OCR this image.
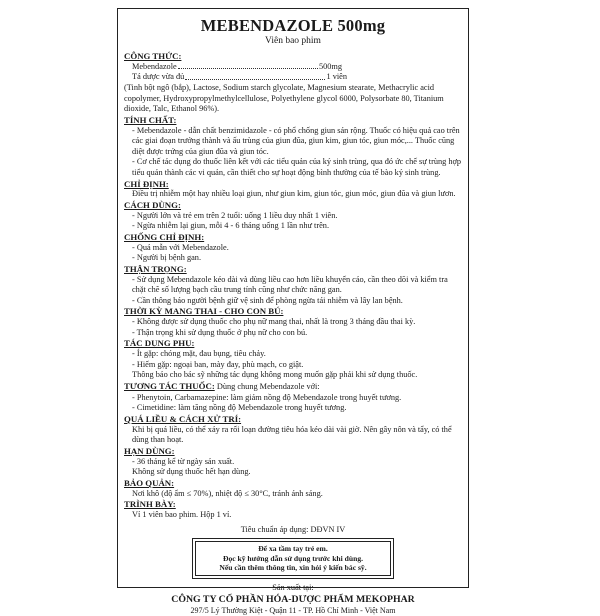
MEBENDAZOLE 500mg
Viên bao phim
CÔNG THỨC:
Mebendazole	500mg
Tá dược vừa đủ	1 viên

(Tinh bột ngô (bắp), Lactose, Sodium starch glycolate, Magnesium stearate, Methacrylic acid copolymer, Hydroxypropylmethylcellulose, Polyethylene glycol 6000, Polysorbate 80, Titanium dioxide, Talc, Ethanol 96%).

TÍNH CHẤT:

- Mebendazole - dẫn chất benzimidazole - có phổ chống giun sán rộng. Thuốc có hiệu quả cao trên các giai đoạn trưởng thành và ấu trùng của giun đũa, giun kim, giun tóc, giun móc,... Thuốc cũng diệt được trứng của giun đũa và giun tóc.

- Cơ chế tác dụng do thuốc liên kết với các tiểu quản của ký sinh trùng, qua đó ức chế sự trùng hợp tiểu quản thành các vi quản, cần thiết cho sự hoạt động bình thường của tế bào ký sinh trùng.

CHỈ ĐỊNH:

Điều trị nhiễm một hay nhiều loại giun, như giun kim, giun tóc, giun móc, giun đũa và giun lươn.

CÁCH DÙNG:

- Người lớn và trẻ em trên 2 tuổi: uống 1 liều duy nhất 1 viên.

- Ngừa nhiễm lại giun, mỗi 4 - 6 tháng uống 1 lần như trên.

CHỐNG CHỈ ĐỊNH:

- Quá mẫn với Mebendazole.

- Người bị bệnh gan.

THẬN TRỌNG:

- Sử dụng Mebendazole kéo dài và dùng liều cao hơn liều khuyến cáo, cần theo dõi và kiểm tra chặt chẽ số lượng bạch cầu trung tính cũng như chức năng gan.

- Cần thông báo người bệnh giữ vệ sinh để phòng ngừa tái nhiễm và lây lan bệnh.

THỜI KỲ MANG THAI - CHO CON BÚ:

- Không được sử dụng thuốc cho phụ nữ mang thai, nhất là trong 3 tháng đầu thai kỳ.

- Thận trọng khi sử dụng thuốc ở phụ nữ cho con bú.

TÁC DỤNG PHỤ:

- Ít gặp: chóng mặt, đau bụng, tiêu chảy.

- Hiếm gặp: ngoại ban, mày đay, phù mạch, co giật.

Thông báo cho bác sỹ những tác dụng không mong muốn gặp phải khi sử dụng thuốc.

TƯƠNG TÁC THUỐC: Dùng chung Mebendazole với:

- Phenytoin, Carbamazepine: làm giảm nồng độ Mebendazole trong huyết tương.

- Cimetidine: làm tăng nồng độ Mebendazole trong huyết tương.

QUÁ LIỀU & CÁCH XỬ TRÍ:

Khi bị quá liều, có thể xảy ra rối loạn đường tiêu hóa kéo dài vài giờ. Nên gây nôn và tẩy, có thể dùng than hoạt.

HẠN DÙNG:

- 36 tháng kể từ ngày sản xuất.

Không sử dụng thuốc hết hạn dùng.

BẢO QUẢN:

Nơi khô (độ ẩm ≤ 70%), nhiệt độ ≤ 30°C, tránh ánh sáng.

TRÌNH BÀY:

Vỉ 1 viên bao phim. Hộp 1 vỉ.

Tiêu chuẩn áp dụng: DĐVN IV
Để xa tầm tay trẻ em.
Đọc kỹ hướng dẫn sử dụng trước khi dùng.
Nếu cần thêm thông tin, xin hỏi ý kiến bác sỹ.
Sản xuất tại:
CÔNG TY CỔ PHẦN HÓA-DƯỢC PHẨM MEKOPHAR
297/5 Lý Thường Kiệt - Quận 11 - TP. Hồ Chí Minh - Việt Nam
